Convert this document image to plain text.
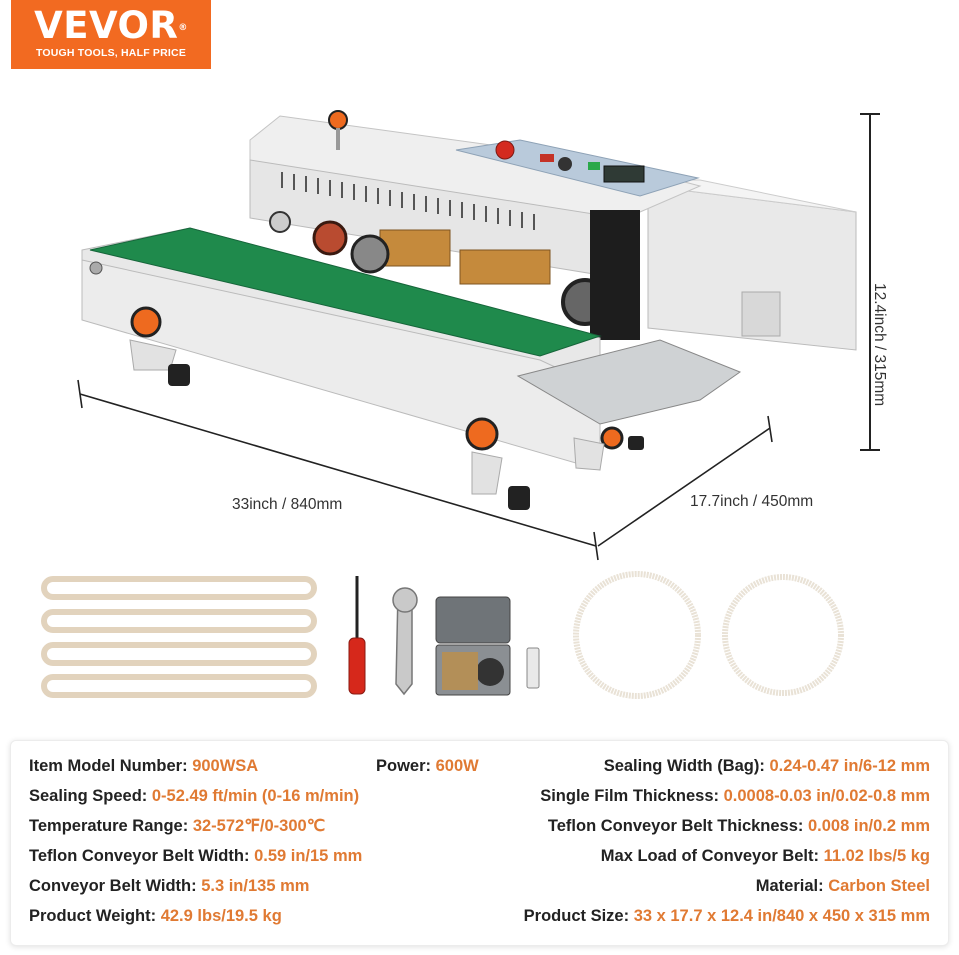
VEVOR®
TOUGH TOOLS, HALF PRICE
33inch / 840mm	17.7inch / 450mm
12.4inch / 315mm
Item Model Number: 900WSA	Power: 600W	Sealing Width (Bag): 0.24-0.47 in/6-12 mm
Sealing Speed: 0-52.49 ft/min (0-16 m/min)	Single Film Thickness: 0.0008-0.03 in/0.02-0.8 mm
Temperature Range: 32-572℉/0-300℃	Teflon Conveyor Belt Thickness: 0.008 in/0.2 mm
Teflon Conveyor Belt Width: 0.59 in/15 mm	Max Load of Conveyor Belt: 11.02 lbs/5 kg
Conveyor Belt Width: 5.3 in/135 mm	Material: Carbon Steel
Product Weight: 42.9 lbs/19.5 kg	Product Size: 33 x 17.7 x 12.4 in/840 x 450 x 315 mm
